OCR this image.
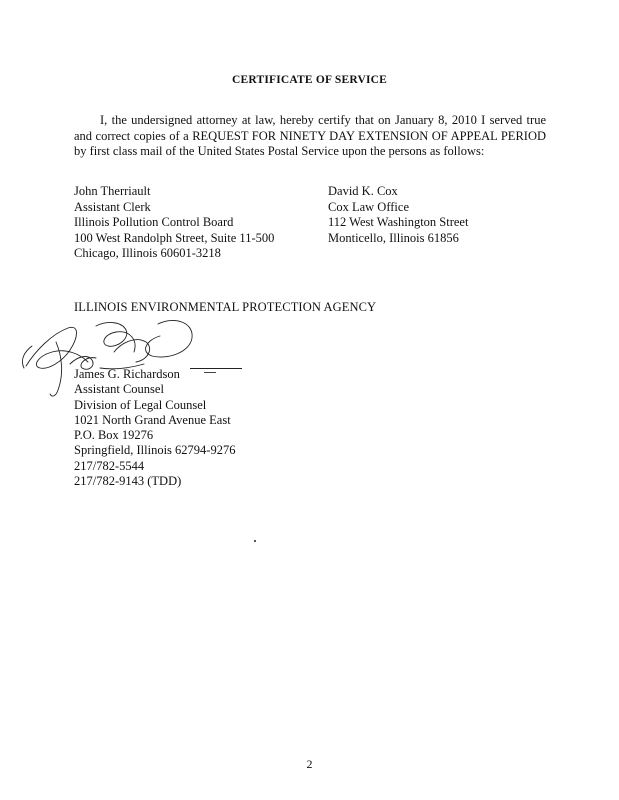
CERTIFICATE OF SERVICE
I, the undersigned attorney at law, hereby certify that on January 8, 2010 I served true and correct copies of a REQUEST FOR NINETY DAY EXTENSION OF APPEAL PERIOD by first class mail of the United States Postal Service upon the persons as follows:
John Therriault
Assistant Clerk
Illinois Pollution Control Board
100 West Randolph Street, Suite 11-500
Chicago, Illinois 60601-3218
David K. Cox
Cox Law Office
112 West Washington Street
Monticello, Illinois 61856
ILLINOIS ENVIRONMENTAL PROTECTION AGENCY
James G. Richardson
Assistant Counsel
Division of Legal Counsel
1021 North Grand Avenue East
P.O. Box 19276
Springfield, Illinois 62794-9276
217/782-5544
217/782-9143 (TDD)
2
